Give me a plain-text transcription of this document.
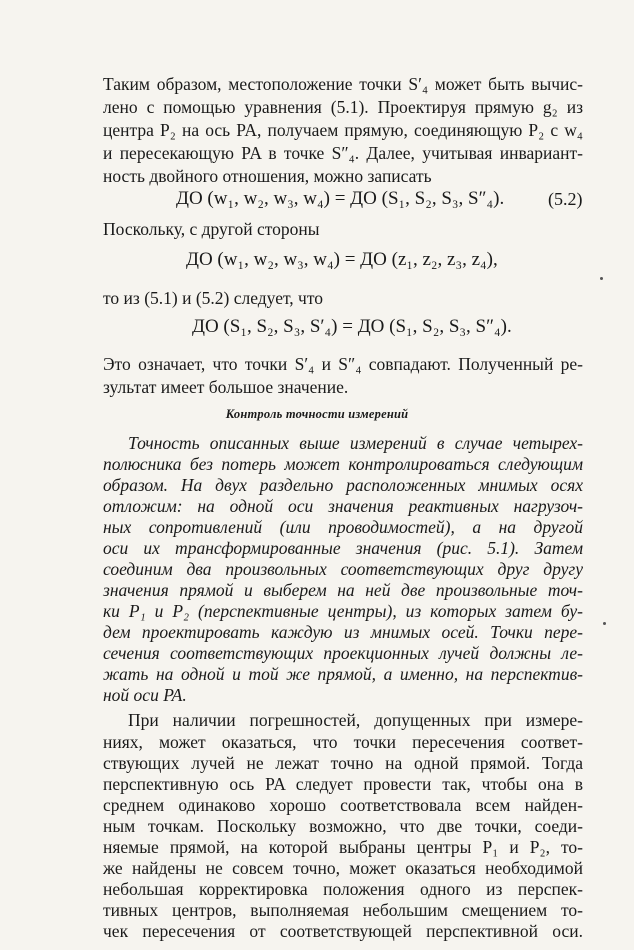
Таким образом, местоположение точки S′₄ может быть вычис-
лено с помощью уравнения (5.1). Проектируя прямую g₂ из
центра P₂ на ось PA, получаем прямую, соединяющую P₂ с w₄
и пересекающую PA в точке S″₄. Далее, учитывая инвариант-
ность двойного отношения, можно записать
ДО (w₁, w₂, w₃, w₄) = ДО (S₁, S₂, S₃, S″₄). (5.2)
Поскольку, с другой стороны
ДО (w₁, w₂, w₃, w₄) = ДО (z₁, z₂, z₃, z₄),
то из (5.1) и (5.2) следует, что
ДО (S₁, S₂, S₃, S′₄) = ДО (S₁, S₂, S₃, S″₄).
Это означает, что точки S′₄ и S″₄ совпадают. Полученный ре-
зультат имеет большое значение.
Контроль точности измерений
Точность описанных выше измерений в случае четырех-
полюсника без потерь может контролироваться следующим
образом. На двух раздельно расположенных мнимых осях
отложим: на одной оси значения реактивных нагрузоч-
ных сопротивлений (или проводимостей), а на другой
оси их трансформированные значения (рис. 5.1). Затем
соединим два произвольных соответствующих друг другу
значения прямой и выберем на ней две произвольные точ-
ки P₁ и P₂ (перспективные центры), из которых затем бу-
дем проектировать каждую из мнимых осей. Точки пере-
сечения соответствующих проекционных лучей должны ле-
жать на одной и той же прямой, а именно, на перспектив-
ной оси PA.
При наличии погрешностей, допущенных при измере-
ниях, может оказаться, что точки пересечения соответ-
ствующих лучей не лежат точно на одной прямой. Тогда
перспективную ось PA следует провести так, чтобы она в
среднем одинаково хорошо соответствовала всем найден-
ным точкам. Поскольку возможно, что две точки, соеди-
няемые прямой, на которой выбраны центры P₁ и P₂, то-
же найдены не совсем точно, может оказаться необходимой
небольшая корректировка положения одного из перспек-
тивных центров, выполняемая небольшим смещением то-
чек пересечения от соответствующей перспективной оси.
